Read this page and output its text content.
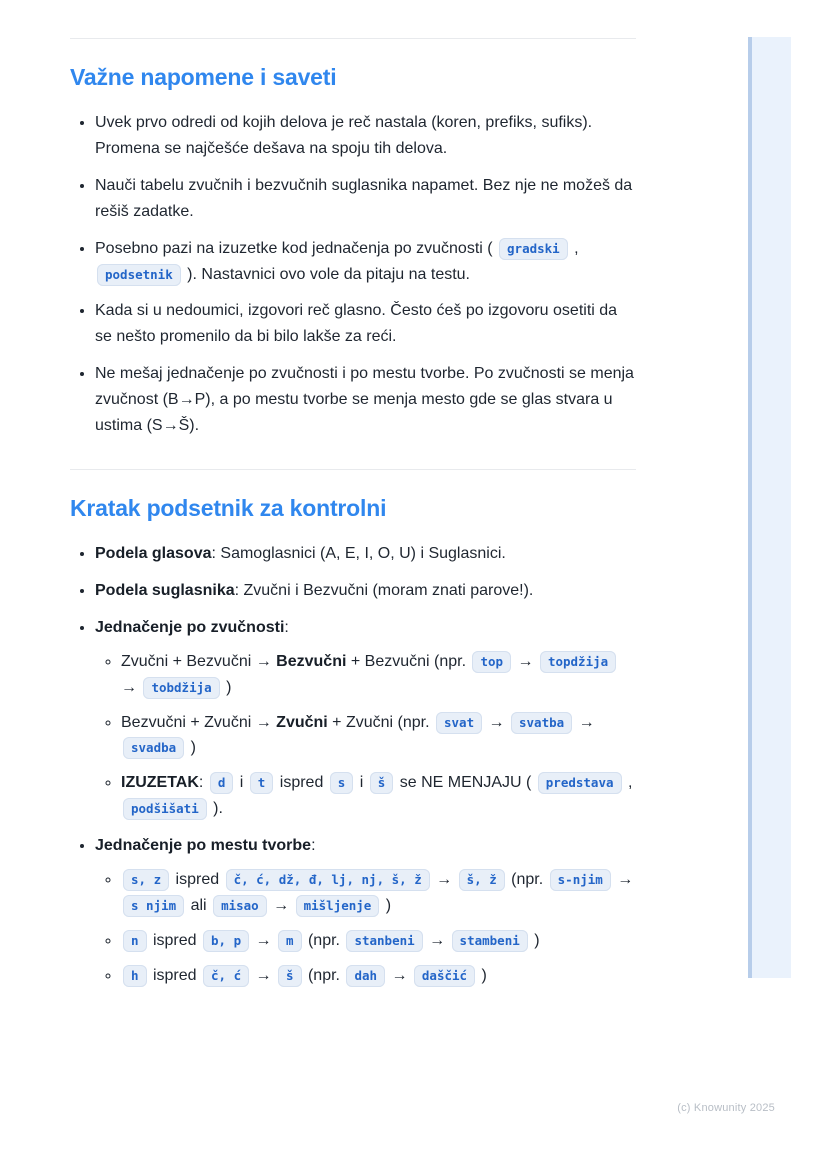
Važne napomene i saveti
• Uvek prvo odredi od kojih delova je reč nastala (koren, prefiks, sufiks). Promena se najčešće dešava na spoju tih delova.
• Nauči tabelu zvučnih i bezvučnih suglasnika napamet. Bez nje ne možeš da rešiš zadatke.
• Posebno pazi na izuzetke kod jednačenja po zvučnosti ( gradski , podsetnik ). Nastavnici ovo vole da pitaju na testu.
• Kada si u nedoumici, izgovori reč glasno. Često ćeš po izgovoru osetiti da se nešto promenilo da bi bilo lakše za reći.
• Ne mešaj jednačenje po zvučnosti i po mestu tvorbe. Po zvučnosti se menja zvučnost (B→P), a po mestu tvorbe se menja mesto gde se glas stvara u ustima (S→Š).
Kratak podsetnik za kontrolni
• Podela glasova: Samoglasnici (A, E, I, O, U) i Suglasnici.
• Podela suglasnika: Zvučni i Bezvučni (moram znati parove!).
• Jednačenje po zvučnosti:
◦ Zvučni + Bezvučni → Bezvučni + Bezvučni (npr. top → topdžija → tobdžija )
◦ Bezvučni + Zvučni → Zvučni + Zvučni (npr. svat → svatba → svadba )
◦ IZUZETAK: d i t ispred s i š se NE MENJAJU ( predstava , podšišati ).
• Jednačenje po mestu tvorbe:
◦ s, z ispred č, ć, dž, đ, lj, nj, š, ž → š, ž (npr. s-njim → s njim ali misao → mišljenje )
◦ n ispred b, p → m (npr. stanbeni → stambeni )
◦ h ispred č, ć → š (npr. dah → daščić )
(c) Knowunity 2025
